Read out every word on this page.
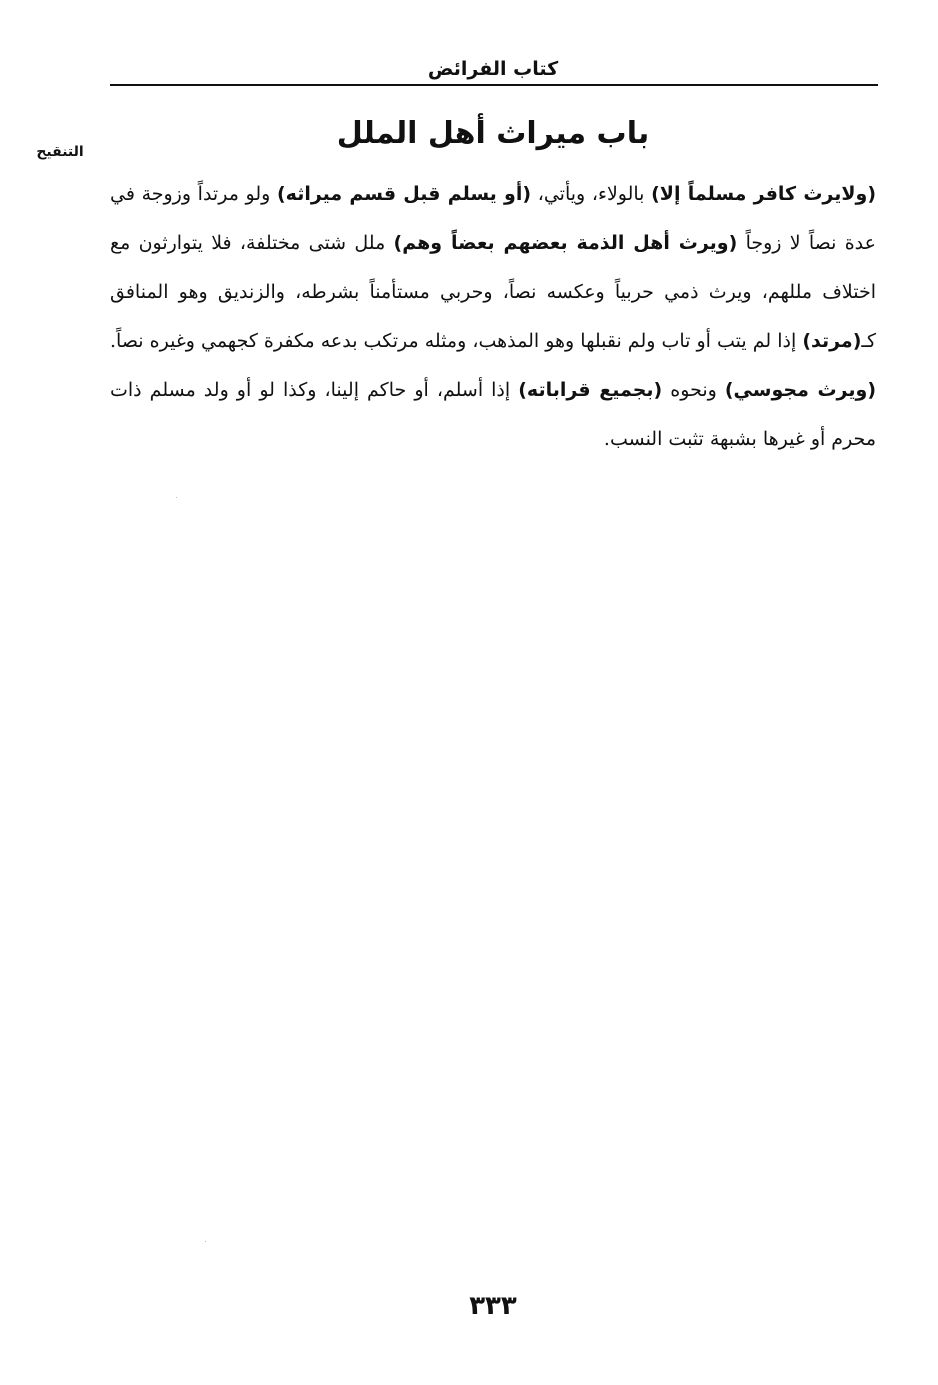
كتاب الفرائض
باب ميراث أهل الملل
التنقيح

(ولايرث كافر مسلماً إلا) بالولاء، ويأتي، (أو يسلم قبل قسم ميراثه) ولو مرتداً وزوجة في عدة نصاً لا زوجاً (ويرث أهل الذمة بعضهم بعضاً وهم) ملل شتى مختلفة، فلا يتوارثون مع اختلاف مللهم، ويرث ذمي حربياً وعكسه نصاً، وحربي مستأمناً بشرطه، والزنديق وهو المنافق كـ(مرتد) إذا لم يتب أو تاب ولم نقبلها وهو المذهب، ومثله مرتكب بدعه مكفرة كجهمي وغيره نصاً. (ويرث مجوسي) ونحوه (بجميع قراباته) إذا أسلم، أو حاكم إلينا، وكذا لو أو ولد مسلم ذات محرم أو غيرها بشبهة تثبت النسب.

٣٣٣
